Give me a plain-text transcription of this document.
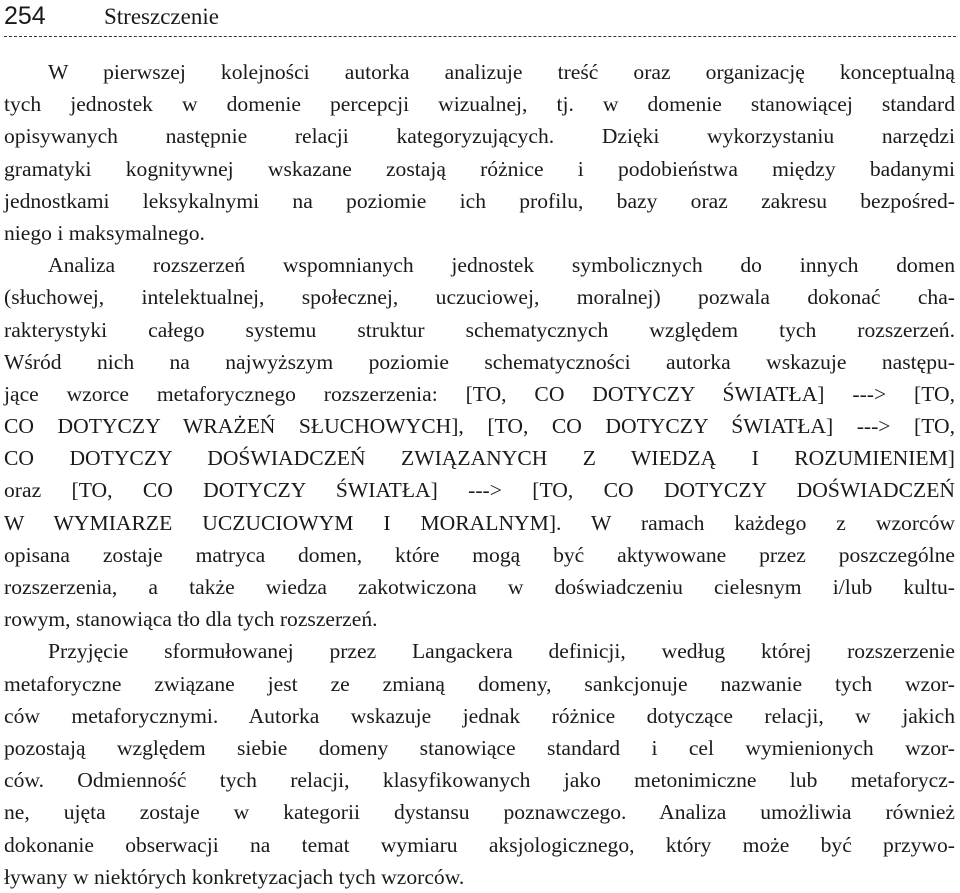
254	Streszczenie
W pierwszej kolejności autorka analizuje treść oraz organizację konceptualną
tych jednostek w domenie percepcji wizualnej, tj. w domenie stanowiącej standard
opisywanych następnie relacji kategoryzujących. Dzięki wykorzystaniu narzędzi
gramatyki kognitywnej wskazane zostają różnice i podobieństwa między badanymi
jednostkami leksykalnymi na poziomie ich profilu, bazy oraz zakresu bezpośred-
niego i maksymalnego.
Analiza rozszerzeń wspomnianych jednostek symbolicznych do innych domen
(słuchowej, intelektualnej, społecznej, uczuciowej, moralnej) pozwala dokonać cha-
rakterystyki całego systemu struktur schematycznych względem tych rozszerzeń.
Wśród nich na najwyższym poziomie schematyczności autorka wskazuje następu-
jące wzorce metaforycznego rozszerzenia: [TO, CO DOTYCZY ŚWIATŁA] ---> [TO,
CO DOTYCZY WRAŻEŃ SŁUCHOWYCH], [TO, CO DOTYCZY ŚWIATŁA] ---> [TO,
CO DOTYCZY DOŚWIADCZEŃ ZWIĄZANYCH Z WIEDZĄ I ROZUMIENIEM]
oraz [TO, CO DOTYCZY ŚWIATŁA] ---> [TO, CO DOTYCZY DOŚWIADCZEŃ
W WYMIARZE UCZUCIOWYM I MORALNYM]. W ramach każdego z wzorców
opisana zostaje matryca domen, które mogą być aktywowane przez poszczególne
rozszerzenia, a także wiedza zakotwiczona w doświadczeniu cielesnym i/lub kultu-
rowym, stanowiąca tło dla tych rozszerzeń.
Przyjęcie sformułowanej przez Langackera definicji, według której rozszerzenie
metaforyczne związane jest ze zmianą domeny, sankcjonuje nazwanie tych wzor-
ców metaforycznymi. Autorka wskazuje jednak różnice dotyczące relacji, w jakich
pozostają względem siebie domeny stanowiące standard i cel wymienionych wzor-
ców. Odmienność tych relacji, klasyfikowanych jako metonimiczne lub metaforycz-
ne, ujęta zostaje w kategorii dystansu poznawczego. Analiza umożliwia również
dokonanie obserwacji na temat wymiaru aksjologicznego, który może być przywo-
ływany w niektórych konkretyzacjach tych wzorców.
